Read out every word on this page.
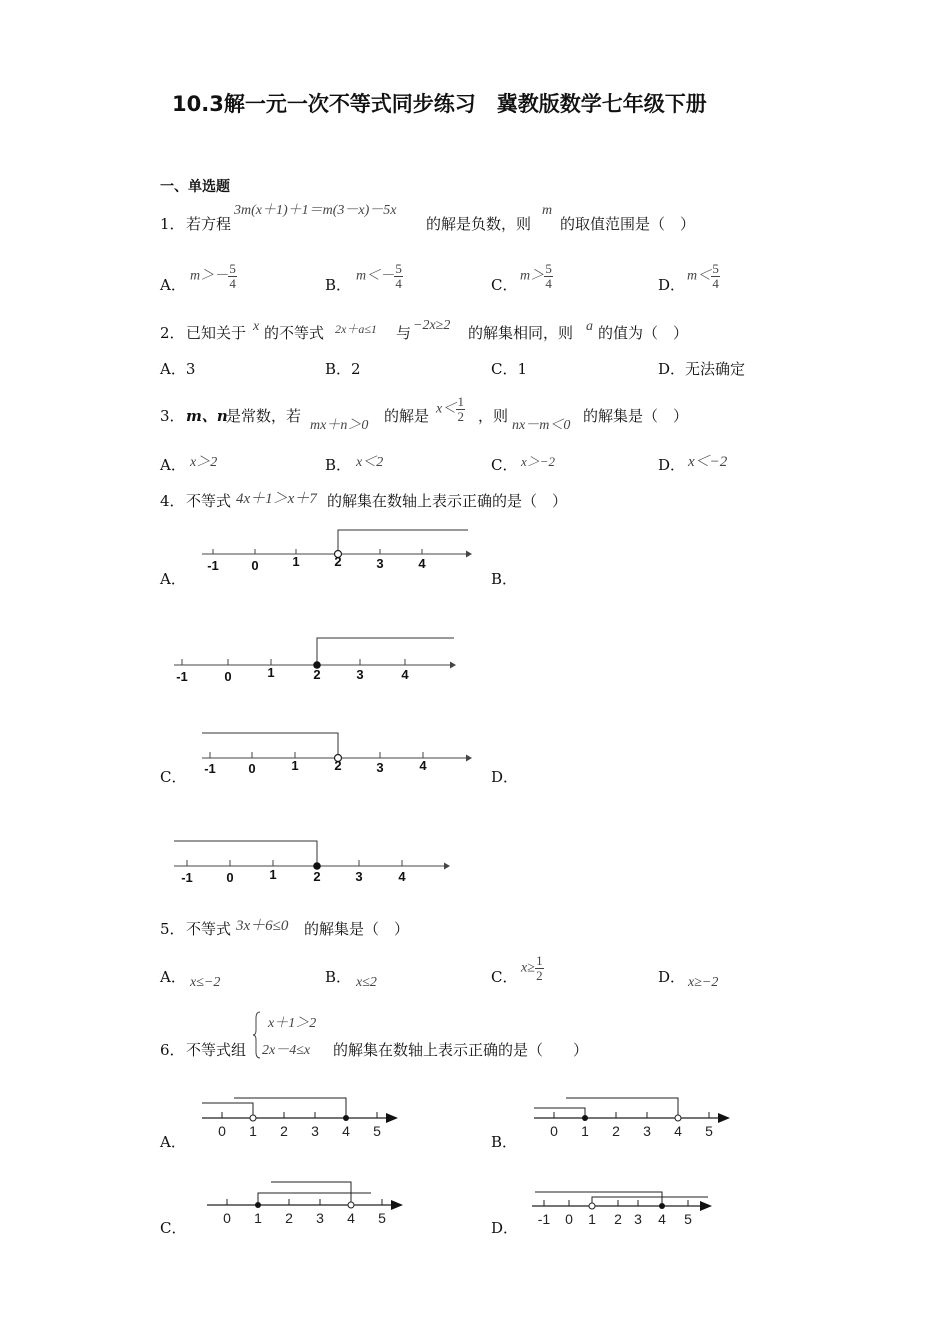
10.3解一元一次不等式同步练习　冀教版数学七年级下册
一、单选题
1． 若方程
3m(x＋1)＋1＝m(3－x)－5x
的解是负数，则
m
的取值范围是（　）
A． $m>- \frac{5}{4}$	B． $m<- \frac{5}{4}$	C． $m> \frac{5}{4}$	D． $m< \frac{5}{4}$
2． 已知关于 x 的不等式 2x＋a≤1 与 −2x≥2 的解集相同，则 a 的值为（　）
A．3	B．2	C．1	D．无法确定
3． m、n
是常数，若
mx＋n＞0
的解是 $x< \frac{1}{2}$ ，则
nx－m＜0
的解集是（　）
A． x＞2	B． x＜2	C． x＞−2	D． x＜−2
4． 不等式 4x＋1＞x＋7 的解集在数轴上表示正确的是（　）
A．	B．
C．	D．
-1	0	1	2	3	4
-1	0	1	2	3	4
-1	0	1	2	3	4
-1	0	1	2	3	4
5． 不等式 3x＋6≤0 的解集是（　）
A． x≤−2	B． x≤2	C． $x\ge \frac{1}{2}$	D． x≥−2
6． 不等式组
x＋1＞2
2x－4≤x 的解集在数轴上表示正确的是（　　）
A．	B．
C．	D．
0 1 2 3 4 5	0 1 2 3 4 5
0 1 2 3 4 5	-1 0 1 2 3 4 5
